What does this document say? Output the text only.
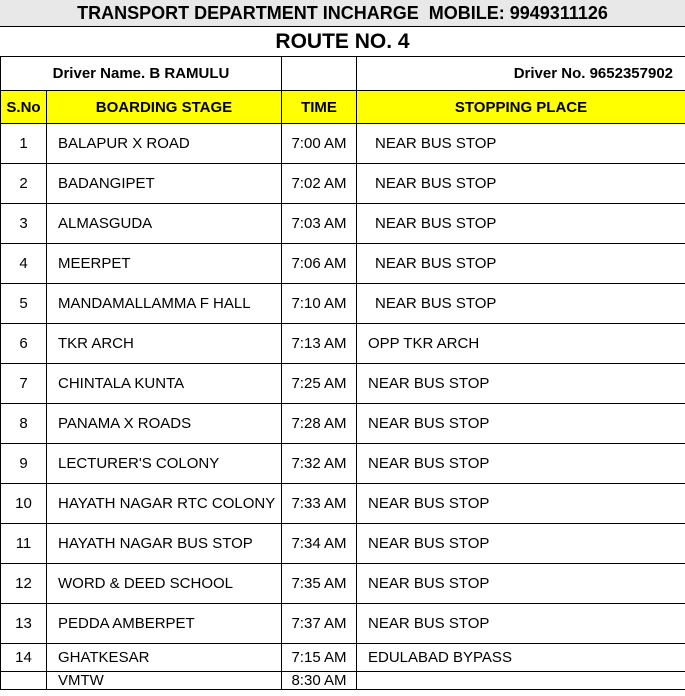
TRANSPORT DEPARTMENT INCHARGE  MOBILE: 9949311126
ROUTE NO. 4
Driver Name. B RAMULU			Driver No. 9652357902
S.No	BOARDING STAGE	TIME	STOPPING PLACE
1	BALAPUR X ROAD	7:00 AM	NEAR BUS STOP
2	BADANGIPET	7:02 AM	NEAR BUS STOP
3	ALMASGUDA	7:03 AM	NEAR BUS STOP
4	MEERPET	7:06 AM	NEAR BUS STOP
5	MANDAMALLAMMA F HALL	7:10 AM	NEAR BUS STOP
6	TKR ARCH	7:13 AM	OPP TKR ARCH
7	CHINTALA KUNTA	7:25 AM	NEAR BUS STOP
8	PANAMA X ROADS	7:28 AM	NEAR BUS STOP
9	LECTURER'S COLONY	7:32 AM	NEAR BUS STOP
10	HAYATH NAGAR RTC COLONY	7:33 AM	NEAR BUS STOP
11	HAYATH NAGAR BUS STOP	7:34 AM	NEAR BUS STOP
12	WORD & DEED SCHOOL	7:35 AM	NEAR BUS STOP
13	PEDDA AMBERPET	7:37 AM	NEAR BUS STOP
14	GHATKESAR	7:15 AM	EDULABAD BYPASS
	VMTW	8:30 AM	
